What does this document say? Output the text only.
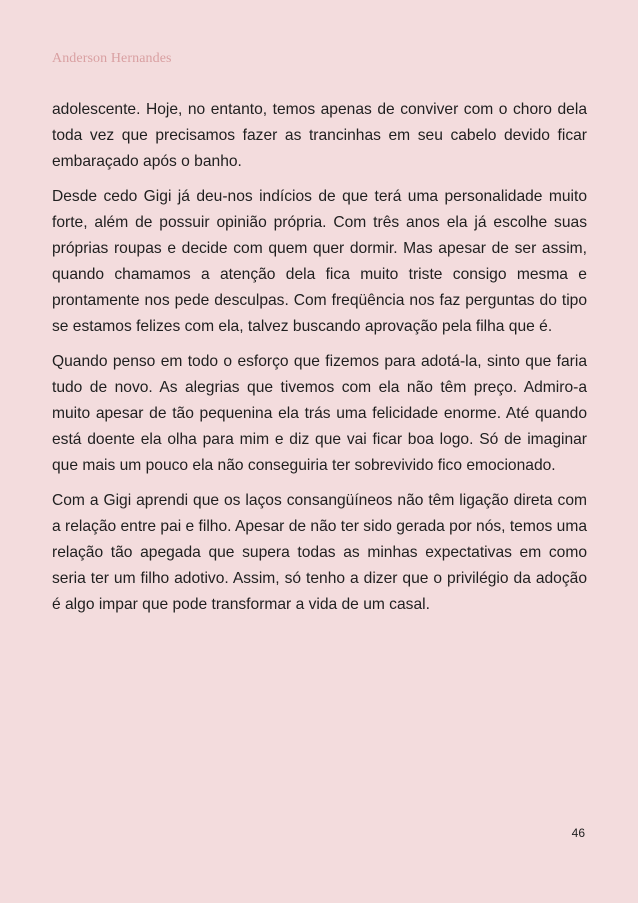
Anderson Hernandes

adolescente. Hoje, no entanto, temos apenas de conviver com o choro dela toda vez que precisamos fazer as trancinhas em seu cabelo devido ficar embaraçado após o banho.

Desde cedo Gigi já deu-nos indícios de que terá uma personalidade muito forte, além de possuir opinião própria. Com três anos ela já escolhe suas próprias roupas e decide com quem quer dormir. Mas apesar de ser assim, quando chamamos a atenção dela fica muito triste consigo mesma e prontamente nos pede desculpas. Com freqüência nos faz perguntas do tipo se estamos felizes com ela, talvez buscando aprovação pela filha que é.

Quando penso em todo o esforço que fizemos para adotá-la, sinto que faria tudo de novo. As alegrias que tivemos com ela não têm preço. Admiro-a muito apesar de tão pequenina ela trás uma felicidade enorme. Até quando está doente ela olha para mim e diz que vai ficar boa logo. Só de imaginar que mais um pouco ela não conseguiria ter sobrevivido fico emocionado.

Com a Gigi aprendi que os laços consangüíneos não têm ligação direta com a relação entre pai e filho. Apesar de não ter sido gerada por nós, temos uma relação tão apegada que supera todas as minhas expectativas em como seria ter um filho adotivo. Assim, só tenho a dizer que o privilégio da adoção é algo impar que pode transformar a vida de um casal.

46
